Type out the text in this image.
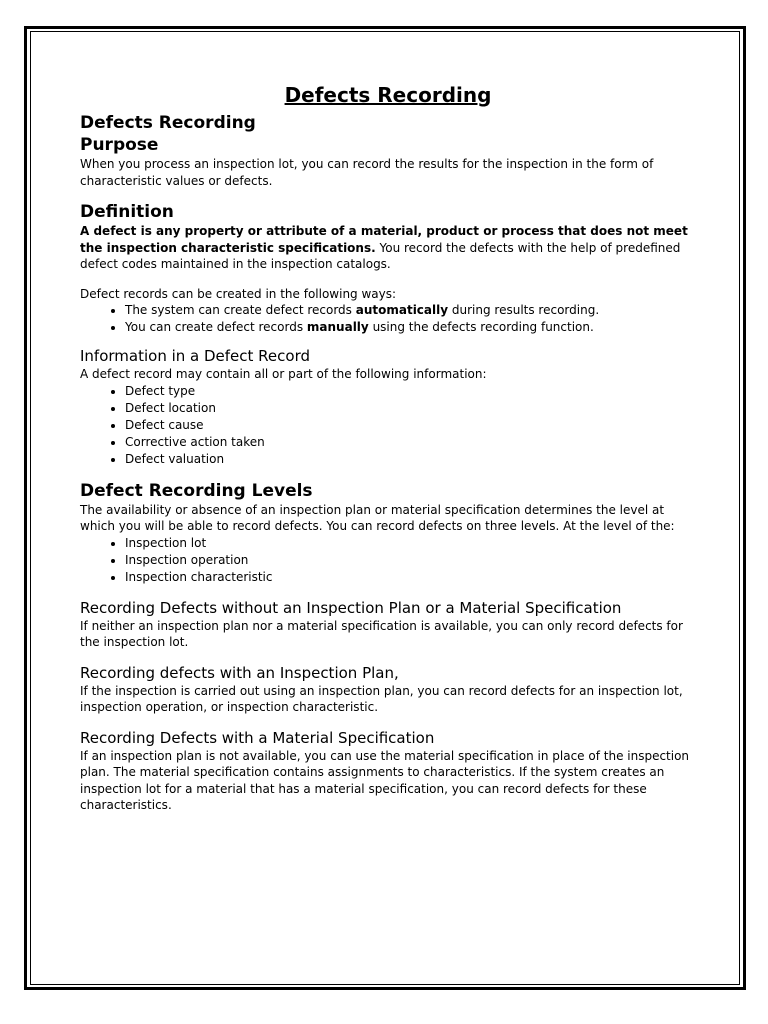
Defects Recording
Defects Recording
Purpose

When you process an inspection lot, you can record the results for the inspection in the form of characteristic values or defects.

Definition

A defect is any property or attribute of a material, product or process that does not meet the inspection characteristic specifications. You record the defects with the help of predefined defect codes maintained in the inspection catalogs.

Defect records can be created in the following ways:

• The system can create defect records automatically during results recording.
• You can create defect records manually using the defects recording function.
Information in a Defect Record

A defect record may contain all or part of the following information:

• Defect type
• Defect location
• Defect cause
• Corrective action taken
• Defect valuation
Defect Recording Levels

The availability or absence of an inspection plan or material specification determines the level at which you will be able to record defects. You can record defects on three levels. At the level of the:

• Inspection lot
• Inspection operation
• Inspection characteristic
Recording Defects without an Inspection Plan or a Material Specification

If neither an inspection plan nor a material specification is available, you can only record defects for the inspection lot.

Recording defects with an Inspection Plan,

If the inspection is carried out using an inspection plan, you can record defects for an inspection lot, inspection operation, or inspection characteristic.

Recording Defects with a Material Specification

If an inspection plan is not available, you can use the material specification in place of the inspection plan. The material specification contains assignments to characteristics. If the system creates an inspection lot for a material that has a material specification, you can record defects for these characteristics.
